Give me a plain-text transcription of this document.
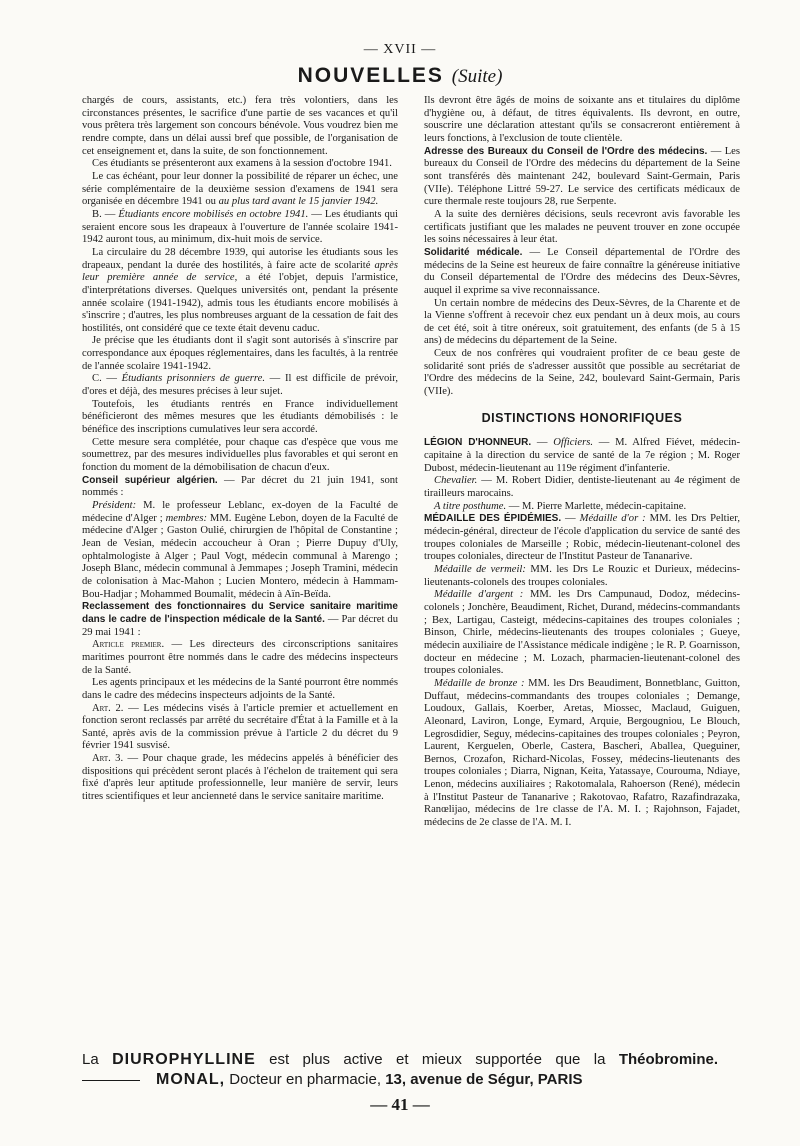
— XVII —
NOUVELLES (Suite)

chargés de cours, assistants, etc.) fera très volontiers, dans les circonstances présentes, le sacrifice d'une partie de ses vacances et qu'il vous prêtera très largement son concours bénévole. Vous voudrez bien me rendre compte, dans un délai aussi bref que possible, de l'organisation de cet enseignement et, dans la suite, de son fonctionnement.

Ces étudiants se présenteront aux examens à la session d'octobre 1941.

Le cas échéant, pour leur donner la possibilité de réparer un échec, une série complémentaire de la deuxième session d'examens de 1941 sera organisée en décembre 1941 ou au plus tard avant le 15 janvier 1942.

B. — Étudiants encore mobilisés en octobre 1941. — Les étudiants qui seraient encore sous les drapeaux à l'ouverture de l'année scolaire 1941-1942 auront tous, au minimum, dix-huit mois de service.

La circulaire du 28 décembre 1939, qui autorise les étudiants sous les drapeaux, pendant la durée des hostilités, à faire acte de scolarité après leur première année de service, a été l'objet, depuis l'armistice, d'interprétations diverses. Quelques universités ont, pendant la présente année scolaire (1941-1942), admis tous les étudiants encore mobilisés à s'inscrire ; d'autres, les plus nombreuses arguant de la cessation de fait des hostilités, ont considéré que ce texte était devenu caduc.

Je précise que les étudiants dont il s'agit sont autorisés à s'inscrire par correspondance aux époques réglementaires, dans les facultés, à la rentrée de l'année scolaire 1941-1942.

C. — Étudiants prisonniers de guerre. — Il est difficile de prévoir, d'ores et déjà, des mesures précises à leur sujet.

Toutefois, les étudiants rentrés en France individuellement bénéficieront des mêmes mesures que les étudiants démobilisés : le bénéfice des inscriptions cumulatives leur sera accordé.

Cette mesure sera complétée, pour chaque cas d'espèce que vous me soumettrez, par des mesures individuelles plus favorables et qui seront en fonction du moment de la démobilisation de chacun d'eux.

Conseil supérieur algérien. — Par décret du 21 juin 1941, sont nommés :

Président: M. le professeur Leblanc, ex-doyen de la Faculté de médecine d'Alger ; membres: MM. Eugène Lebon, doyen de la Faculté de médecine d'Alger ; Gaston Oulié, chirurgien de l'hôpital de Constantine ; Jean de Vesian, médecin accoucheur à Oran ; Pierre Dupuy d'Uly, ophtalmologiste à Alger ; Paul Vogt, médecin communal à Marengo ; Joseph Blanc, médecin communal à Jemmapes ; Joseph Tramini, médecin de colonisation à Mac-Mahon ; Lucien Montero, médecin à Hammam-Bou-Hadjar ; Mohammed Boumalit, médecin à Aïn-Beïda.

Reclassement des fonctionnaires du Service sanitaire maritime dans le cadre de l'inspection médicale de la Santé. — Par décret du 29 mai 1941 :

Article premier. — Les directeurs des circonscriptions sanitaires maritimes pourront être nommés dans le cadre des médecins inspecteurs de la Santé.

Les agents principaux et les médecins de la Santé pourront être nommés dans le cadre des médecins inspecteurs adjoints de la Santé.

Art. 2. — Les médecins visés à l'article premier et actuellement en fonction seront reclassés par arrêté du secrétaire d'État à la Famille et à la Santé, après avis de la commission prévue à l'article 2 du décret du 9 février 1941 susvisé.

Art. 3. — Pour chaque grade, les médecins appelés à bénéficier des dispositions qui précèdent seront placés à l'échelon de traitement qui sera fixé d'après leur aptitude professionnelle, leur manière de servir, leurs titres scientifiques et leur ancienneté dans le service sanitaire maritime.

Ils devront être âgés de moins de soixante ans et titulaires du diplôme d'hygiène ou, à défaut, de titres équivalents. Ils devront, en outre, souscrire une déclaration attestant qu'ils se consacreront entièrement à leurs fonctions, à l'exclusion de toute clientèle.

Adresse des Bureaux du Conseil de l'Ordre des médecins. — Les bureaux du Conseil de l'Ordre des médecins du département de la Seine sont transférés dès maintenant 242, boulevard Saint-Germain, Paris (VIIe). Téléphone Littré 59-27. Le service des certificats médicaux de cure thermale reste toujours 28, rue Serpente.

A la suite des dernières décisions, seuls recevront avis favorable les certificats justifiant que les malades ne peuvent trouver en zone occupée les soins nécessaires à leur état.

Solidarité médicale. — Le Conseil départemental de l'Ordre des médecins de la Seine est heureux de faire connaître la généreuse initiative du Conseil départemental de l'Ordre des médecins des Deux-Sèvres, auquel il exprime sa vive reconnaissance.

Un certain nombre de médecins des Deux-Sèvres, de la Charente et de la Vienne s'offrent à recevoir chez eux pendant un à deux mois, au cours de cet été, soit à titre onéreux, soit gratuitement, des enfants (de 5 à 15 ans) de médecins du département de la Seine.

Ceux de nos confrères qui voudraient profiter de ce beau geste de solidarité sont priés de s'adresser aussitôt que possible au secrétariat de l'Ordre des médecins de la Seine, 242, boulevard Saint-Germain, Paris (VIIe).

DISTINCTIONS HONORIFIQUES

LÉGION D'HONNEUR. — Officiers. — M. Alfred Fiévet, médecin-capitaine à la direction du service de santé de la 7e région ; M. Roger Dubost, médecin-lieutenant au 119e régiment d'infanterie.

Chevalier. — M. Robert Didier, dentiste-lieutenant au 4e régiment de tirailleurs marocains.

A titre posthume. — M. Pierre Marlette, médecin-capitaine.

MÉDAILLE DES ÉPIDÉMIES. — Médaille d'or : MM. les Drs Peltier, médecin-général, directeur de l'école d'application du service de santé des troupes coloniales de Marseille ; Robic, médecin-lieutenant-colonel des troupes coloniales, directeur de l'Institut Pasteur de Tananarive.

Médaille de vermeil: MM. les Drs Le Rouzic et Durieux, médecins-lieutenants-colonels des troupes coloniales.

Médaille d'argent : MM. les Drs Campunaud, Dodoz, médecins-colonels ; Jonchère, Beaudiment, Richet, Durand, médecins-commandants ; Bex, Lartigau, Casteigt, médecins-capitaines des troupes coloniales ; Binson, Chirle, médecins-lieutenants des troupes coloniales ; Gueye, médecin auxiliaire de l'Assistance médicale indigène ; le R. P. Goarnisson, docteur en médecine ; M. Lozach, pharmacien-lieutenant-colonel des troupes coloniales.

Médaille de bronze : MM. les Drs Beaudiment, Bonnetblanc, Guitton, Duffaut, médecins-commandants des troupes coloniales ; Demange, Loudoux, Gallais, Koerber, Aretas, Miossec, Maclaud, Guiguen, Aleonard, Laviron, Longe, Eymard, Arquie, Bergougniou, Le Blouch, Legrosdidier, Seguy, médecins-capitaines des troupes coloniales ; Peyron, Laurent, Kerguelen, Oberle, Castera, Bascheri, Aballea, Queguiner, Bernos, Crozafon, Richard-Nicolas, Fossey, médecins-lieutenants des troupes coloniales ; Diarra, Nignan, Keita, Yatassaye, Courouma, Ndiaye, Lenon, médecins auxiliaires ; Rakotomalala, Rahoerson (René), médecin à l'Institut Pasteur de Tananarive ; Rakotovao, Rafatro, Razafindrazaka, Ranœlijao, médecins de 1re classe de l'A. M. I. ; Rajohnson, Fajadet, médecins de 2e classe de l'A. M. I.

La DIUROPHYLLINE est plus active et mieux supportée que la Théobromine.
MONAL, Docteur en pharmacie, 13, avenue de Ségur, PARIS
— 41 —
